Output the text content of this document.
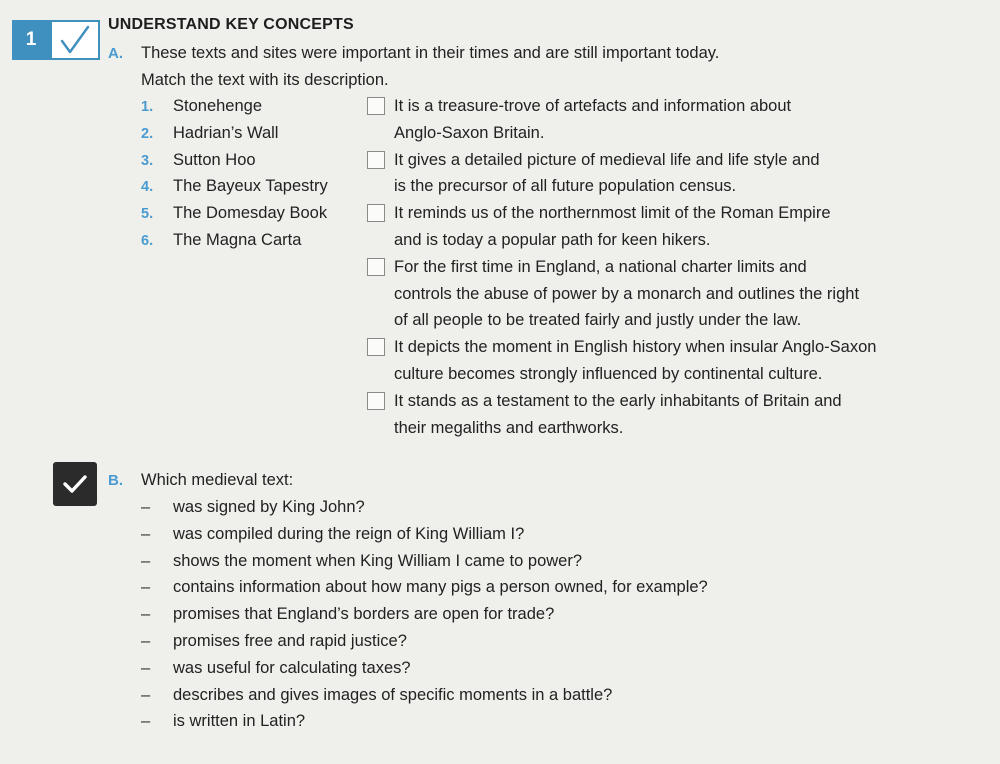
1
UNDERSTAND KEY CONCEPTS
A. These texts and sites were important in their times and are still important today.
Match the text with its description.
1. Stonehenge
2. Hadrian’s Wall
3. Sutton Hoo
4. The Bayeux Tapestry
5. The Domesday Book
6. The Magna Carta
It is a treasure-trove of artefacts and information about
Anglo-Saxon Britain.
It gives a detailed picture of medieval life and life style and
is the precursor of all future population census.
It reminds us of the northernmost limit of the Roman Empire
and is today a popular path for keen hikers.
For the first time in England, a national charter limits and
controls the abuse of power by a monarch and outlines the right
of all people to be treated fairly and justly under the law.
It depicts the moment in English history when insular Anglo-Saxon
culture becomes strongly influenced by continental culture.
It stands as a testament to the early inhabitants of Britain and
their megaliths and earthworks.
B. Which medieval text:
– was signed by King John?
– was compiled during the reign of King William I?
– shows the moment when King William I came to power?
– contains information about how many pigs a person owned, for example?
– promises that England’s borders are open for trade?
– promises free and rapid justice?
– was useful for calculating taxes?
– describes and gives images of specific moments in a battle?
– is written in Latin?
